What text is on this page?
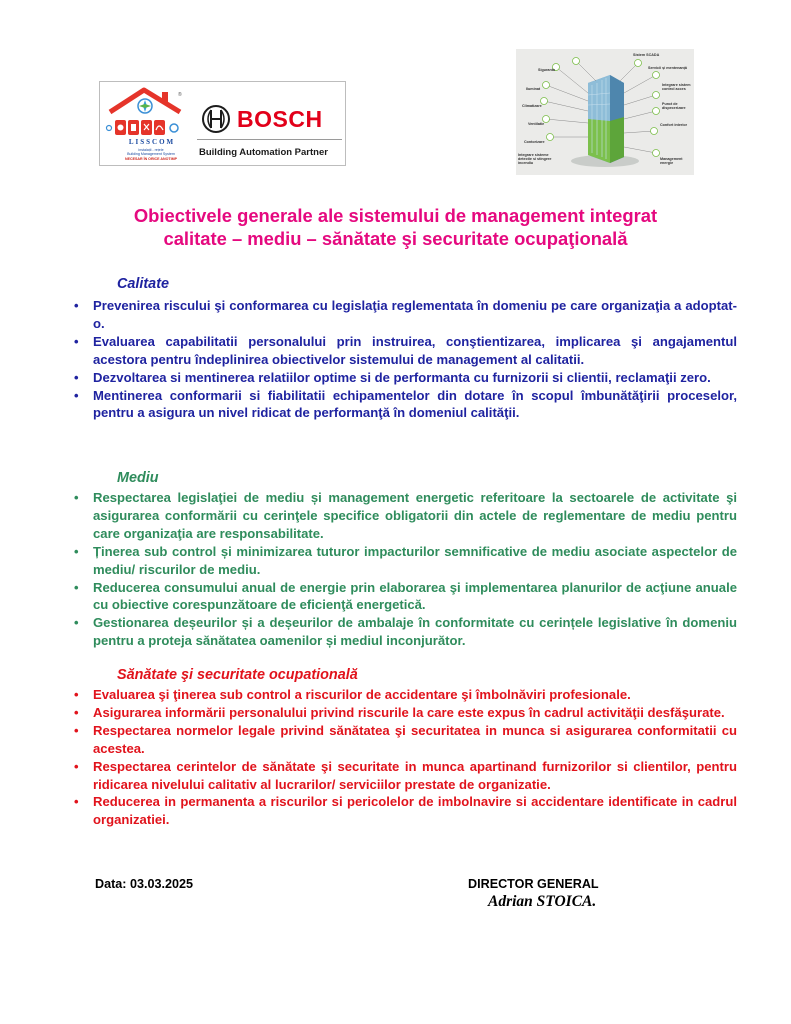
®
LISSCOM
instalații - rețele
Building Management System
NECESAR ÎN ORICE ANOTIMP
BOSCH
Building Automation Partner
Siguranta
Sistem SCADA
Iluminat
Servicii și mentenanță
Climatizare
Integrare sistem control acces
Ventilatie
Punct de dispecerizare
Contorizare
Confort interior
Integrare sisteme detectie si stingere incendiu
Management energie
Obiectivele generale ale sistemului de management integrat
calitate – mediu – sănătate şi securitate ocupaţională
Calitate
• Prevenirea riscului şi conformarea cu legislaţia reglementata în domeniu pe care organizaţia a adoptat-o.
• Evaluarea capabilitatii personalului prin instruirea, conştientizarea, implicarea şi angajamentul acestora pentru îndeplinirea obiectivelor sistemului de management al calitatii.
• Dezvoltarea si mentinerea relatiilor optime si de performanta cu furnizorii si clientii, reclamaţii zero.
• Mentinerea conformarii si fiabilitatii echipamentelor din dotare în scopul îmbunătăţirii proceselor, pentru a asigura un nivel ridicat de performanţă în domeniul calităţii.
Mediu
• Respectarea legislaţiei de mediu și management energetic referitoare la sectoarele de activitate şi asigurarea conformării cu cerinţele specifice obligatorii din actele de reglementare de mediu pentru care organizaţia are responsabilitate.
• Ținerea sub control și minimizarea tuturor impacturilor semnificative de mediu asociate aspectelor de mediu/ riscurilor de mediu.
• Reducerea consumului anual de energie prin elaborarea şi implementarea planurilor de acţiune anuale cu obiective corespunzătoare de eficienţă energetică.
• Gestionarea deșeurilor și a deșeurilor de ambalaje în conformitate cu cerințele legislative în domeniu pentru a proteja sănătatea oamenilor și mediul inconjurător.
Sănătate şi securitate ocupatională
• Evaluarea şi ţinerea sub control a riscurilor de accidentare şi îmbolnăviri profesionale.
• Asigurarea informării personalului privind riscurile la care este expus în cadrul activităţii desfăşurate.
• Respectarea normelor legale privind sănătatea şi securitatea in munca si asigurarea conformitatii cu acestea.
• Respectarea cerintelor de sănătate şi securitate in munca apartinand furnizorilor si clientilor, pentru ridicarea nivelului calitativ al lucrarilor/ serviciilor prestate de organizatie.
• Reducerea in permanenta a riscurilor si pericolelor de imbolnavire si accidentare identificate in cadrul organizatiei.
Data: 03.03.2025	DIRECTOR GENERAL
Adrian STOICA.
